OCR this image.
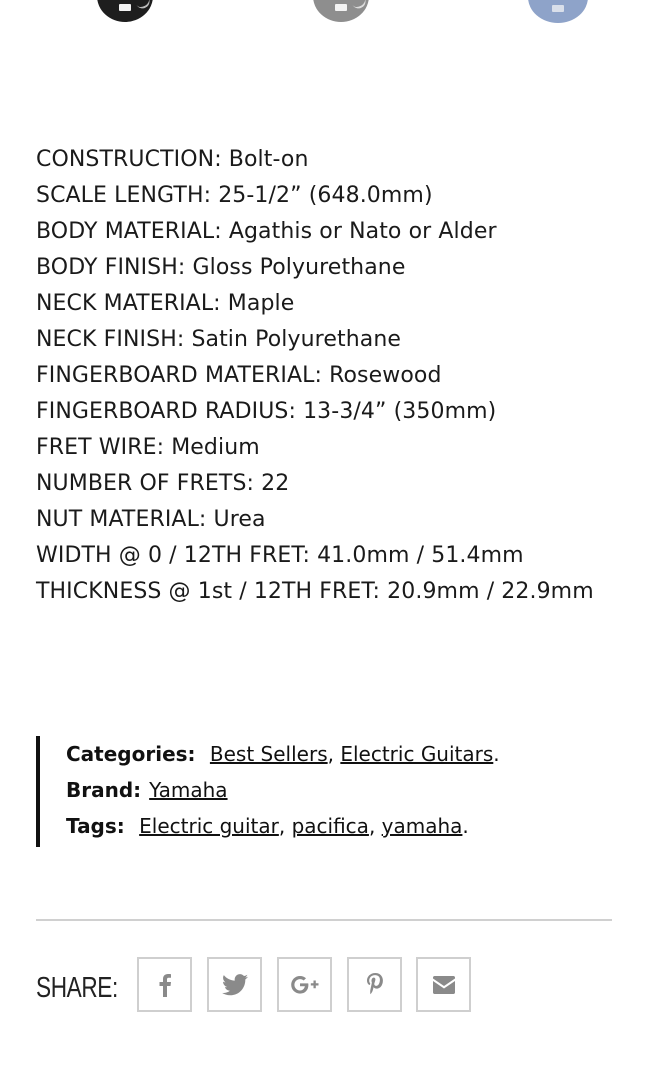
CONSTRUCTION: Bolt-on
SCALE LENGTH: 25-1/2” (648.0mm)
BODY MATERIAL: Agathis or Nato or Alder
BODY FINISH: Gloss Polyurethane
NECK MATERIAL: Maple
NECK FINISH: Satin Polyurethane
FINGERBOARD MATERIAL: Rosewood
FINGERBOARD RADIUS: 13-3/4” (350mm)
FRET WIRE: Medium
NUMBER OF FRETS: 22
NUT MATERIAL: Urea
WIDTH @ 0 / 12TH FRET: 41.0mm / 51.4mm
THICKNESS @ 1st / 12TH FRET: 20.9mm / 22.9mm
Categories: Best Sellers, Electric Guitars.
Brand: Yamaha
Tags: Electric guitar, pacifica, yamaha.
SHARE:
